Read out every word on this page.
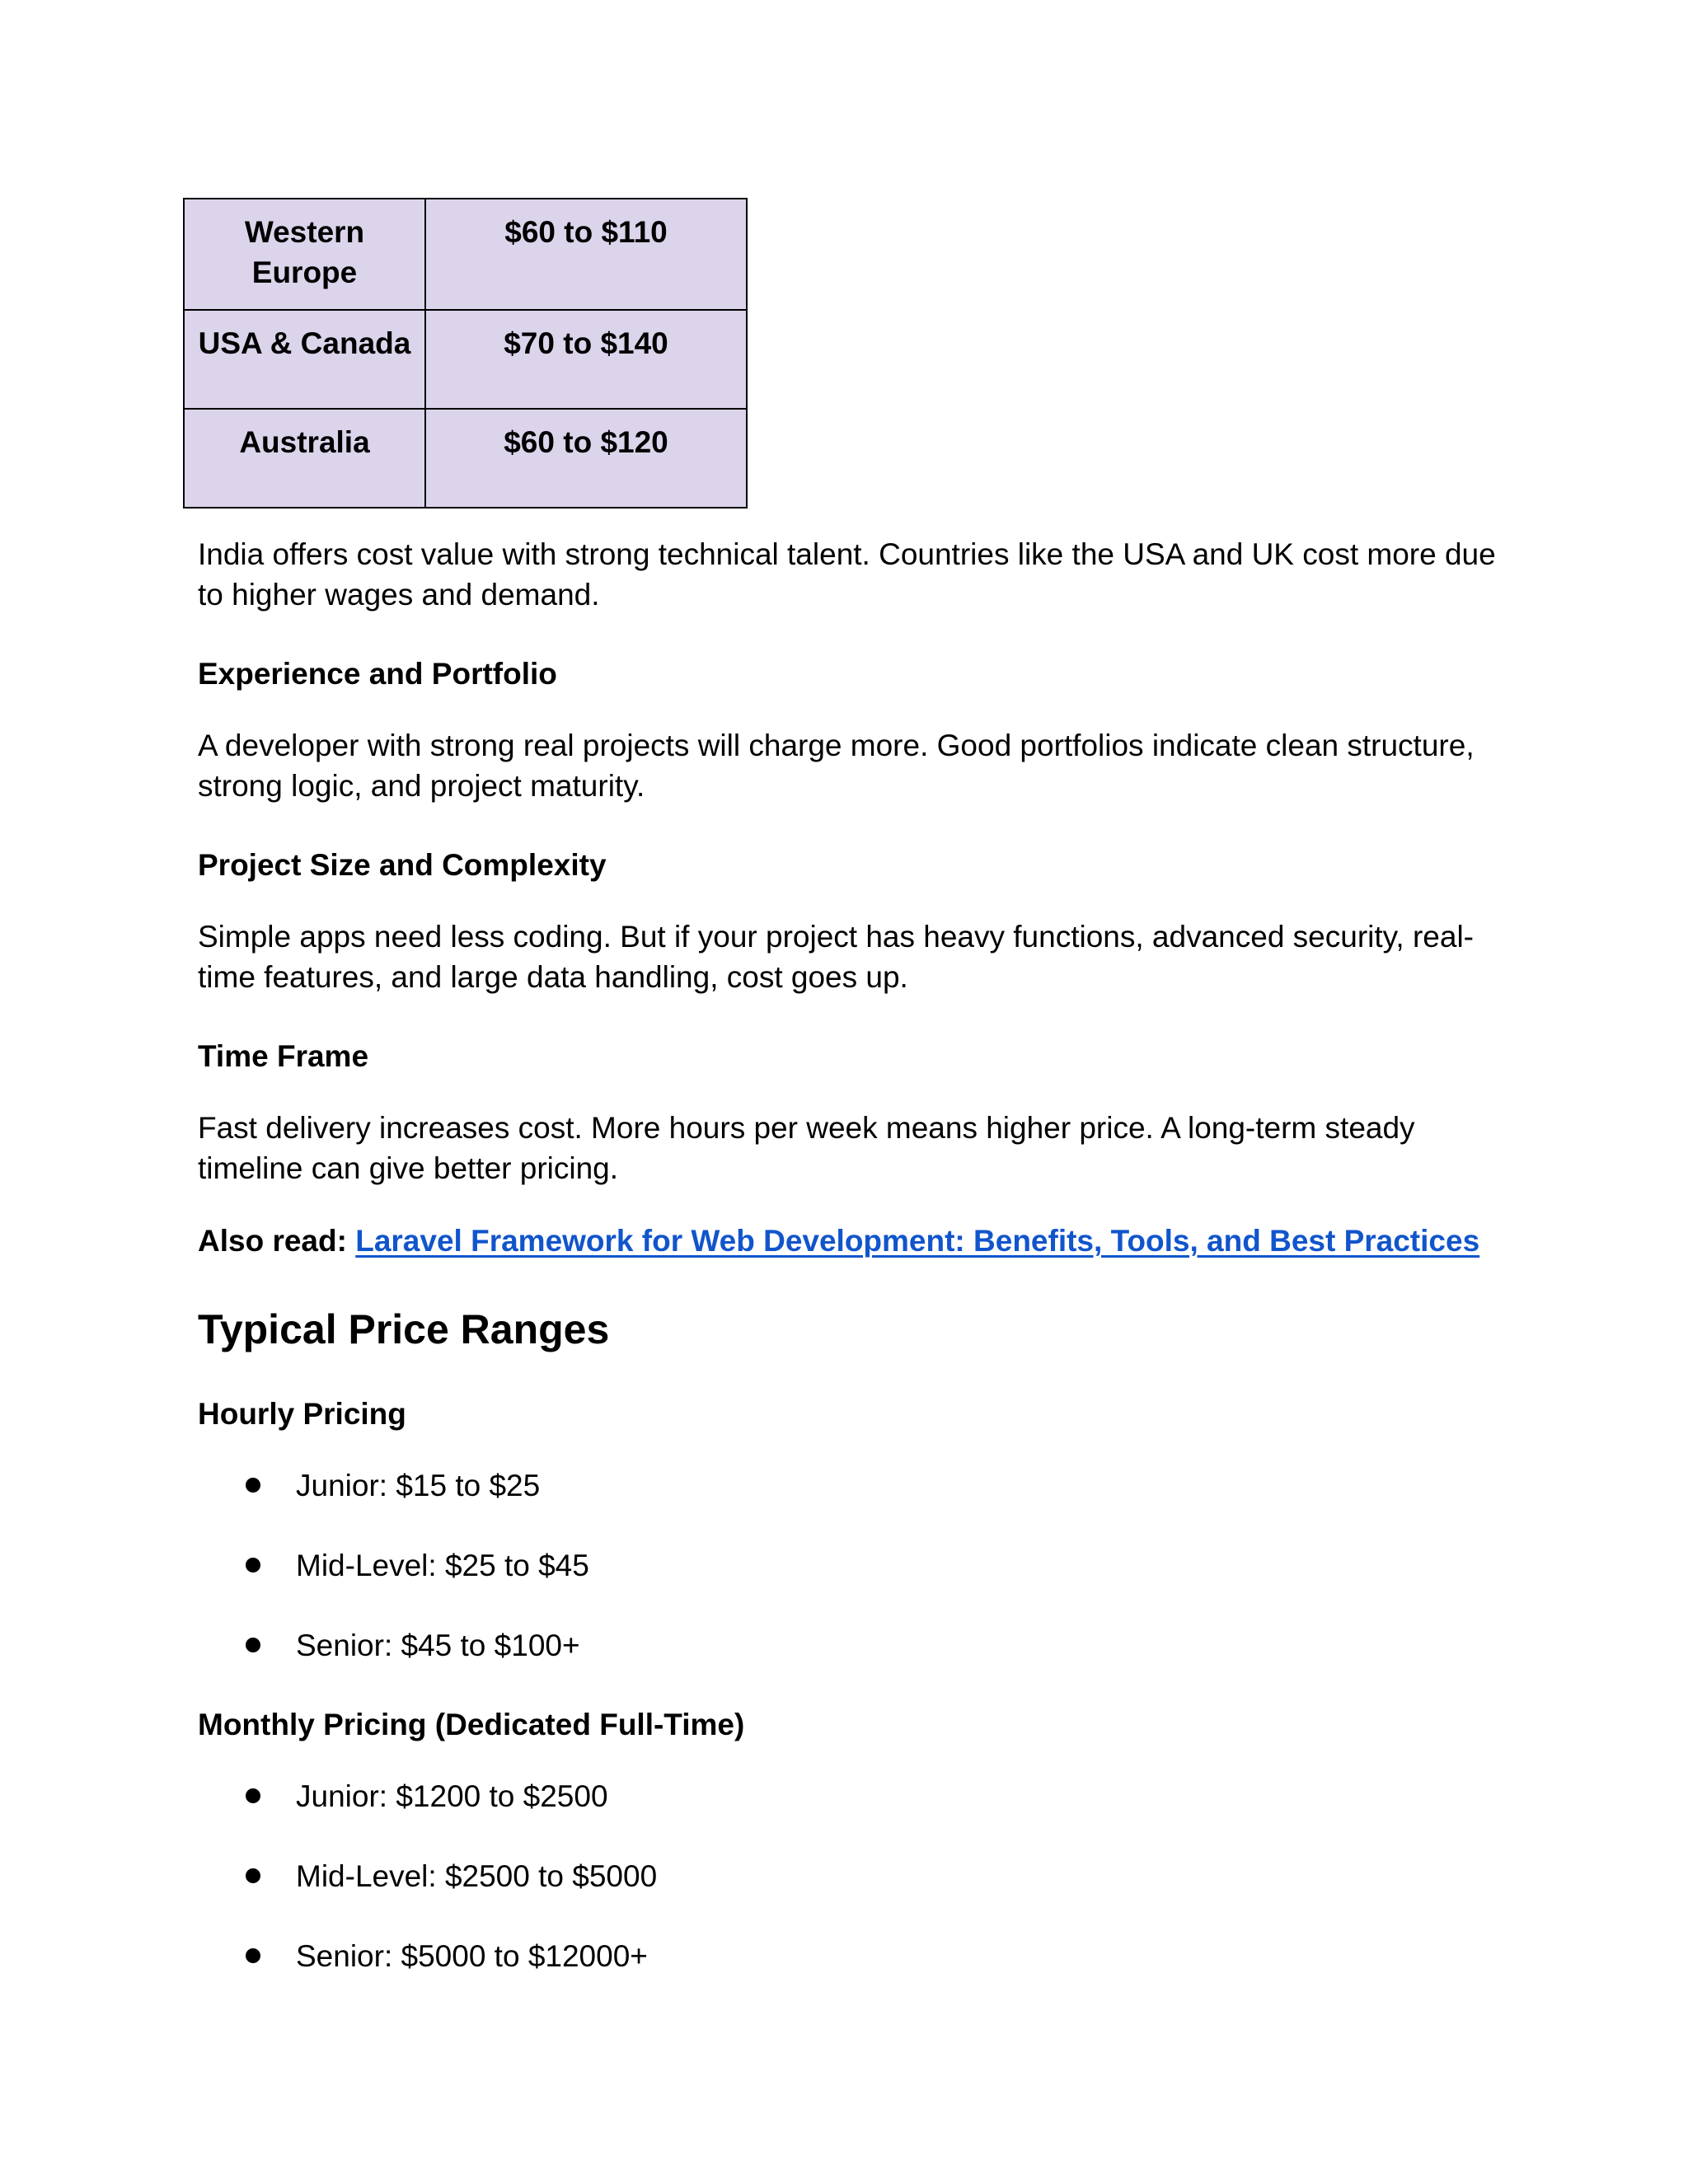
Western Europe	$60 to $110
USA & Canada	$70 to $140
Australia	$60 to $120

India offers cost value with strong technical talent. Countries like the USA and UK cost more due to higher wages and demand.

Experience and Portfolio

A developer with strong real projects will charge more. Good portfolios indicate clean structure, strong logic, and project maturity.

Project Size and Complexity

Simple apps need less coding. But if your project has heavy functions, advanced security, real-time features, and large data handling, cost goes up.

Time Frame

Fast delivery increases cost. More hours per week means higher price. A long-term steady timeline can give better pricing.

Also read: Laravel Framework for Web Development: Benefits, Tools, and Best Practices

Typical Price Ranges

Hourly Pricing

Junior: $15 to $25
Mid-Level: $25 to $45
Senior: $45 to $100+

Monthly Pricing (Dedicated Full-Time)

Junior: $1200 to $2500
Mid-Level: $2500 to $5000
Senior: $5000 to $12000+
